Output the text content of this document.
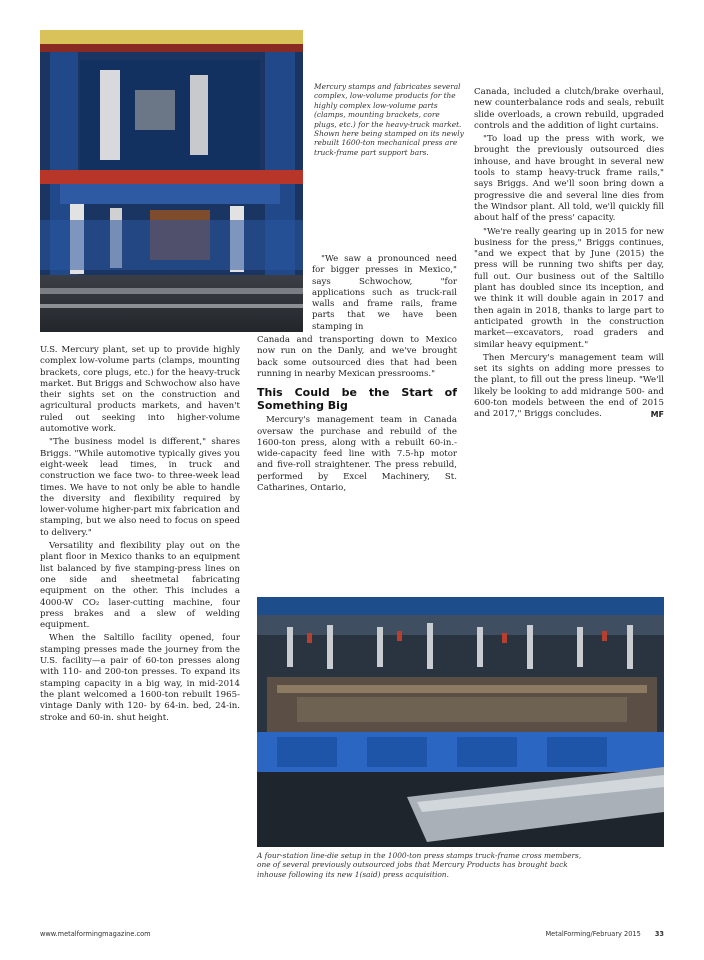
Mercury stamps and fabricates several complex, low-volume products for the highly complex low-volume parts (clamps, mounting brackets, core plugs, etc.) for the heavy-truck market. Shown here being stamped on its newly rebuilt 1600-ton mechanical press are truck-frame part support bars.

U.S. Mercury plant, set up to provide highly complex low-volume parts (clamps, mounting brackets, core plugs, etc.) for the heavy-truck market. But Briggs and Schwochow also have their sights set on the construction and agricultural products markets, and haven't ruled out seeking into higher-volume automotive work.

"The business model is different," shares Briggs. "While automotive typically gives you eight-week lead times, in truck and construction we face two- to three-week lead times. We have to not only be able to handle the diversity and flexibility required by lower-volume higher-part mix fabrication and stamping, but we also need to focus on speed to delivery."

Versatility and flexibility play out on the plant floor in Mexico thanks to an equipment list balanced by five stamping-press lines on one side and sheetmetal fabricating equipment on the other. This includes a 4000-W CO₂ laser-cutting machine, four press brakes and a slew of welding equipment.

When the Saltillo facility opened, four stamping presses made the journey from the U.S. facility—a pair of 60-ton presses along with 110- and 200-ton presses. To expand its stamping capacity in a big way, in mid-2014 the plant welcomed a 1600-ton rebuilt 1965-vintage Danly with 120- by 64-in. bed, 24-in. stroke and 60-in. shut height.

"We saw a pronounced need for bigger presses in Mexico," says Schwochow, "for applications such as truck-rail walls and frame rails, frame parts that we have been stamping in

Canada and transporting down to Mexico now run on the Danly, and we've brought back some outsourced dies that had been running in nearby Mexican pressrooms."

This Could be the Start of Something Big

Mercury's management team in Canada oversaw the purchase and rebuild of the 1600-ton press, along with a rebuilt 60-in.-wide-capacity feed line with 7.5-hp motor and five-roll straightener. The press rebuild, performed by Excel Machinery, St. Catharines, Ontario,

Canada, included a clutch/brake overhaul, new counterbalance rods and seals, rebuilt slide overloads, a crown rebuild, upgraded controls and the addition of light curtains.

"To load up the press with work, we brought the previously outsourced dies inhouse, and have brought in several new tools to stamp heavy-truck frame rails," says Briggs. And we'll soon bring down a progressive die and several line dies from the Windsor plant. All told, we'll quickly fill about half of the press' capacity.

"We're really gearing up in 2015 for new business for the press," Briggs continues, "and we expect that by June (2015) the press will be running two shifts per day, full out. Our business out of the Saltillo plant has doubled since its inception, and we think it will double again in 2017 and then again in 2018, thanks to large part to anticipated growth in the construction market—excavators, road graders and similar heavy equipment."

Then Mercury's management team will set its sights on adding more presses to the plant, to fill out the press lineup. "We'll likely be looking to add midrange 500- and 600-ton models between the end of 2015 and 2017," Briggs concludes.	MF

A four-station line-die setup in the 1000-ton press stamps truck-frame cross members, one of several previously outsourced jobs that Mercury Products has brought back inhouse following its new 1(said) press acquisition.
www.metalformingmagazine.com	MetalForming/February 2015 33
